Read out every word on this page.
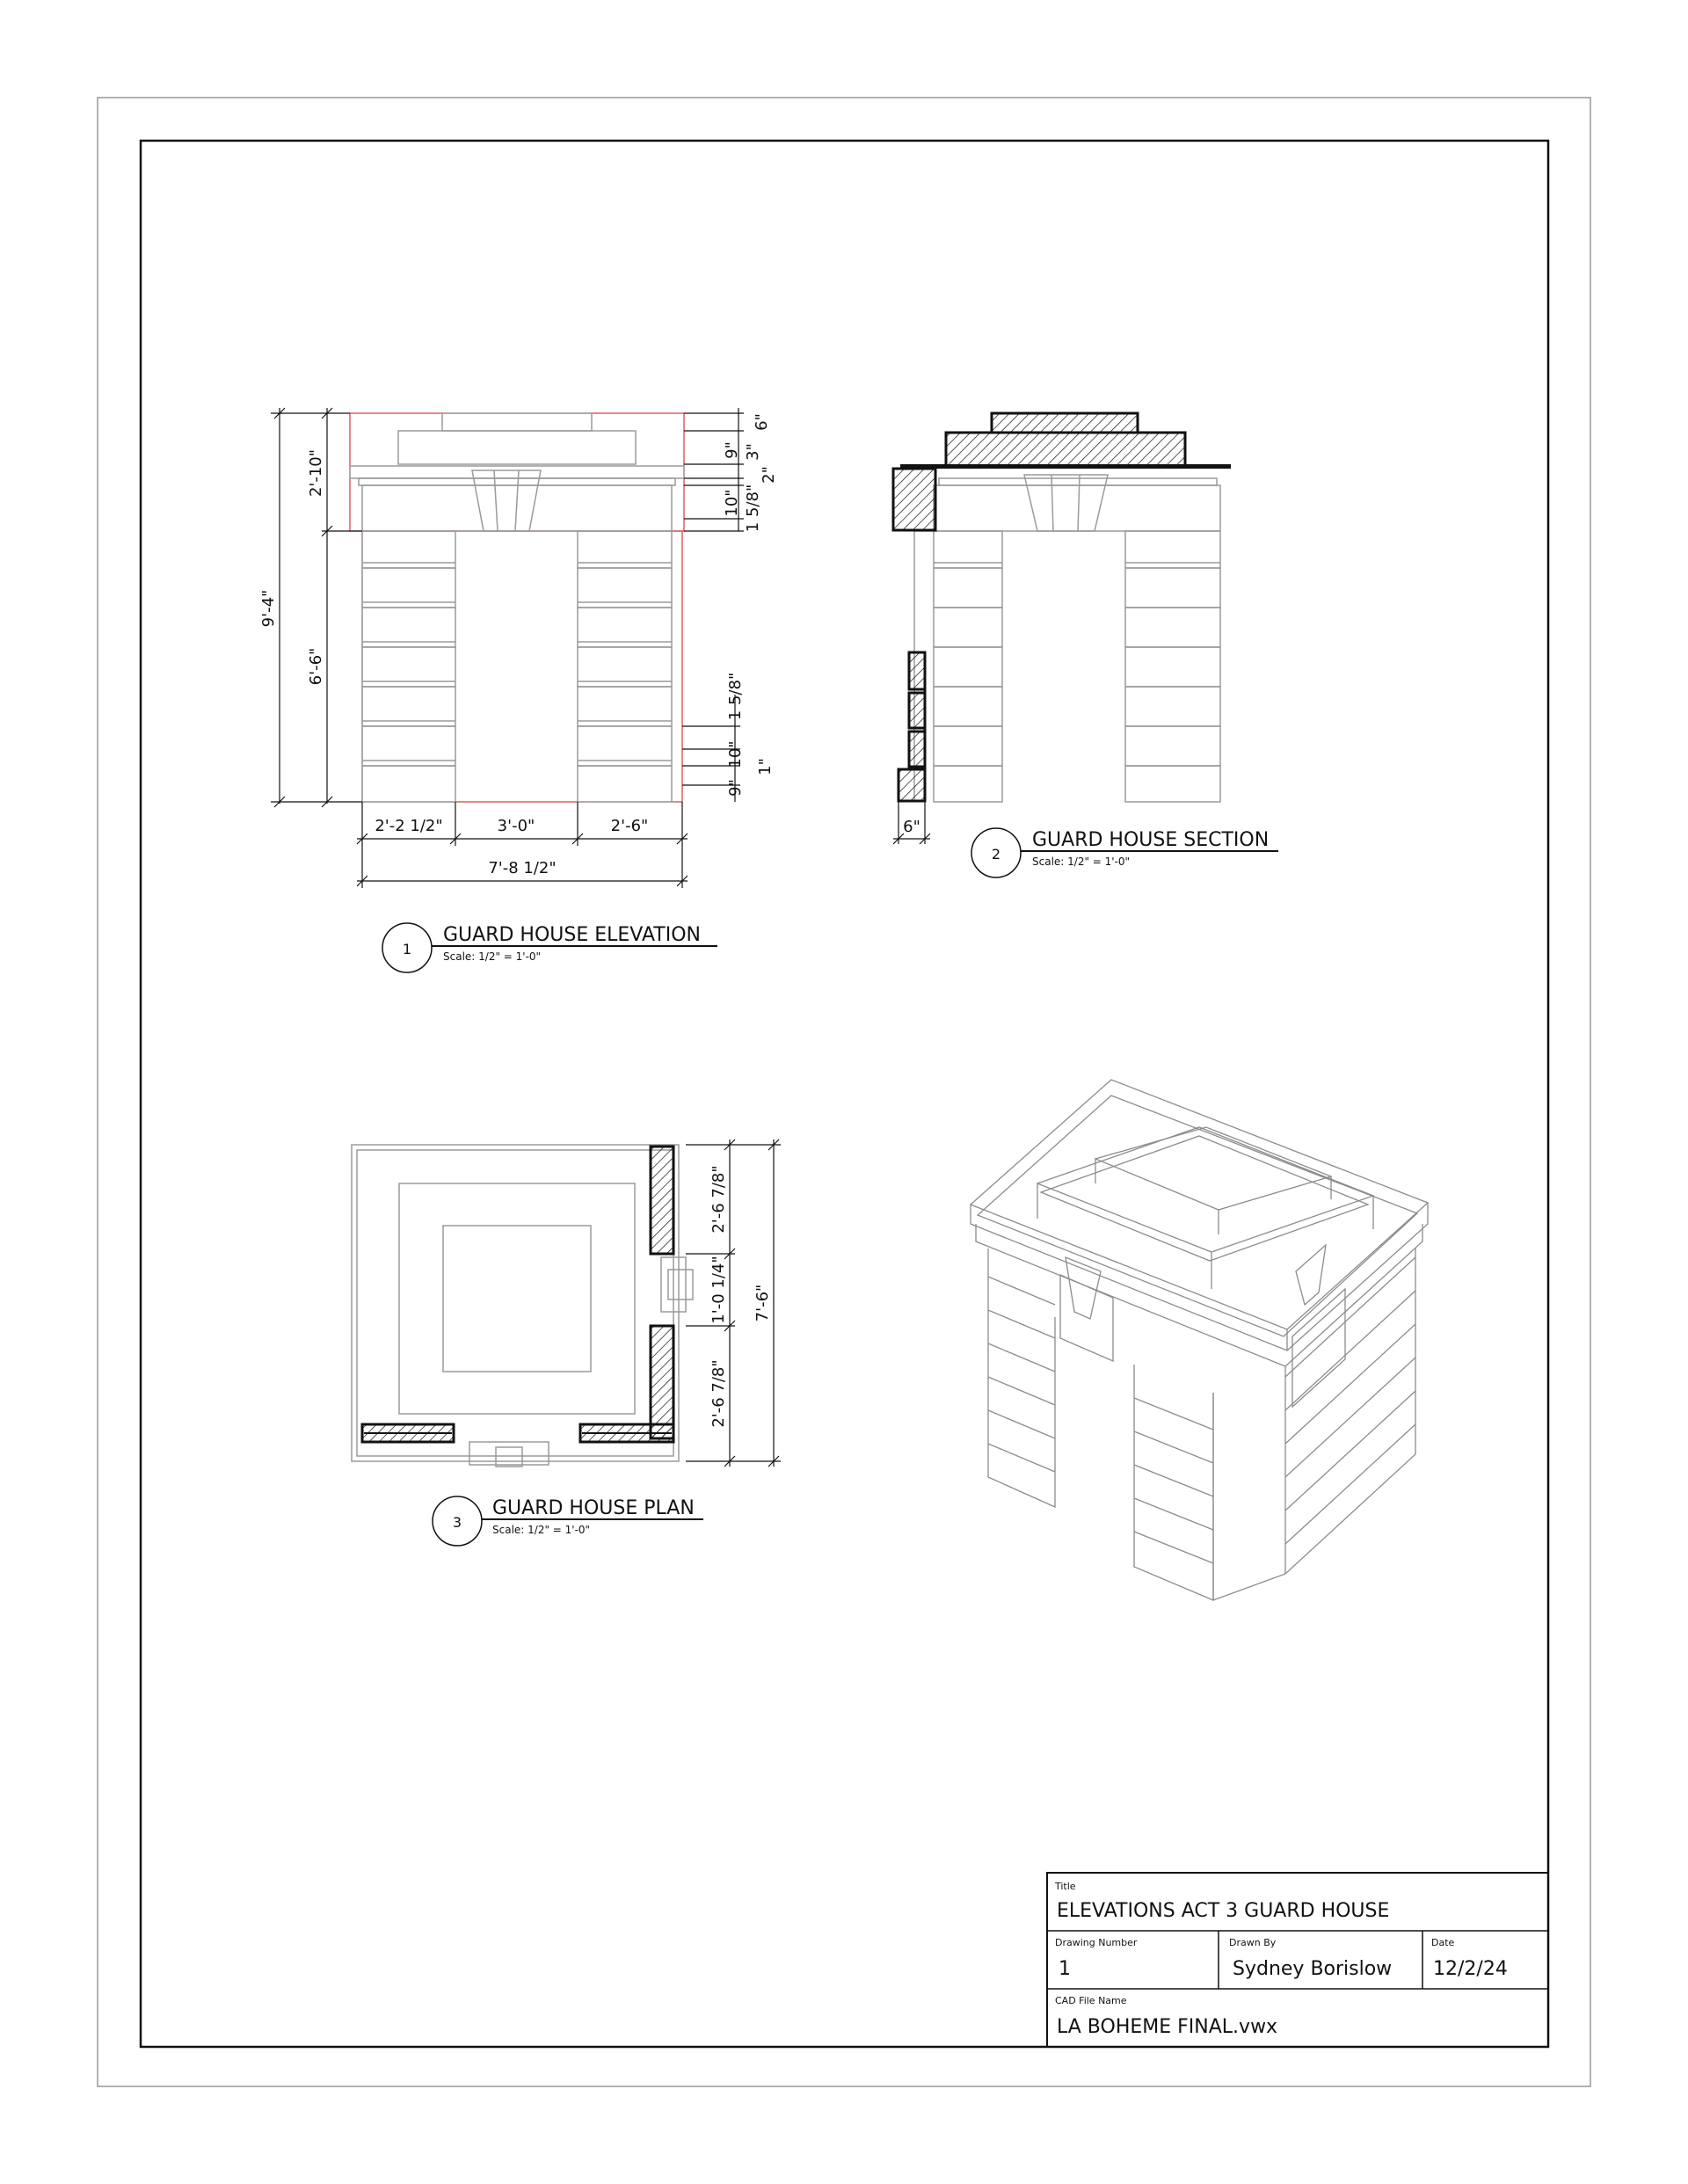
9'-4"
2'-10"
6'-6"
2'-2 1/2"	3'-0"	2'-6"
7'-8 1/2"
6"
9" 3"
2"
10" 1 5/8"
1 5/8"
10" 1"
9"
1
GUARD HOUSE ELEVATION
Scale: 1/2" = 1'-0"
6"
2
GUARD HOUSE SECTION
Scale: 1/2" = 1'-0"
2'-6 7/8"
1'-0 1/4"
2'-6 7/8"
7'-6"
3
GUARD HOUSE PLAN
Scale: 1/2" = 1'-0"
Title
ELEVATIONS ACT 3 GUARD HOUSE
Drawing Number
1
Drawn By
Sydney Borislow
Date
12/2/24
CAD File Name
LA BOHEME FINAL.vwx
